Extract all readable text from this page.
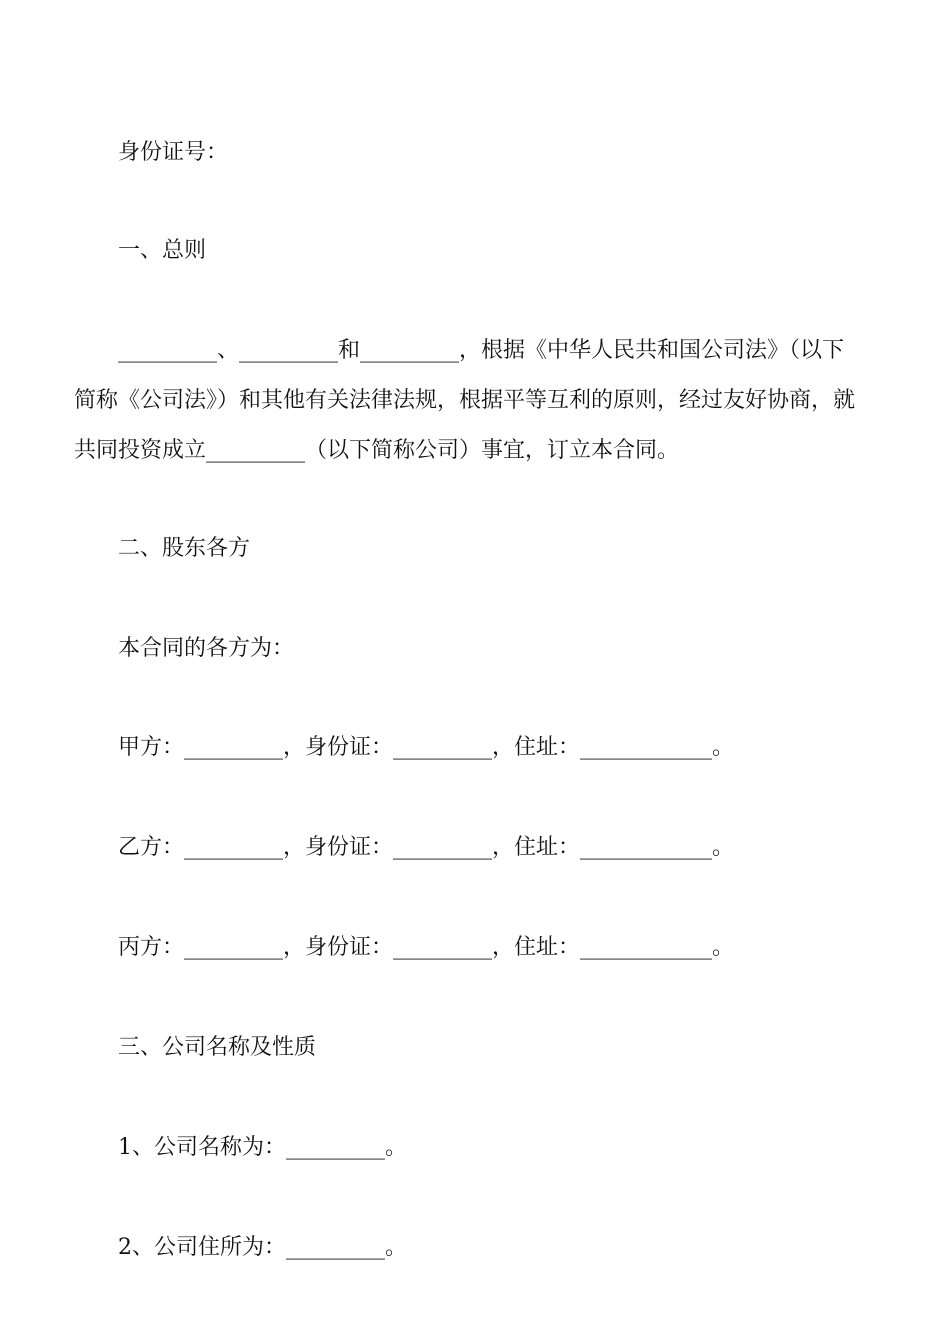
身份证号：
一、总则
_________、_________和_________，根据《中华人民共和国公司法》（以下
简称《公司法》）和其他有关法律法规，根据平等互利的原则，经过友好协商，就
共同投资成立_________（以下简称公司）事宜，订立本合同。
二、股东各方
本合同的各方为：
甲方：_________，身份证：_________，住址：____________。
乙方：_________，身份证：_________，住址：____________。
丙方：_________，身份证：_________，住址：____________。
三、公司名称及性质
1、公司名称为：_________。
2、公司住所为：_________。
